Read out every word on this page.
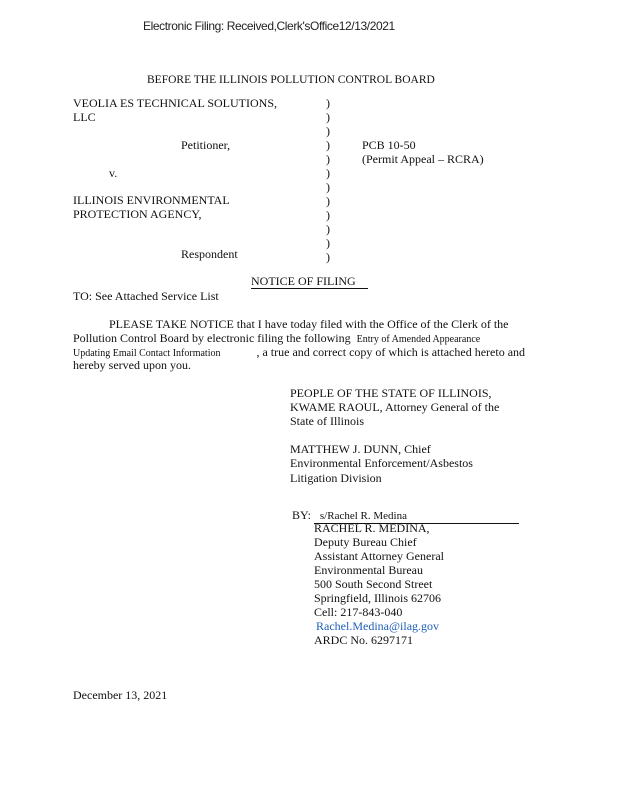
Electronic Filing: Received,Clerk'sOffice12/13/2021
BEFORE THE ILLINOIS POLLUTION CONTROL BOARD
VEOLIA ES TECHNICAL SOLUTIONS,
LLC
Petitioner,
v.
ILLINOIS ENVIRONMENTAL
PROTECTION AGENCY,
Respondent
)
)
)
)
)
)
)
)
)
)
)
)
PCB 10-50
(Permit Appeal – RCRA)
NOTICE OF FILING
TO: See Attached Service List
PLEASE TAKE NOTICE that I have today filed with the Office of the Clerk of the
Pollution Control Board by electronic filing the following Entry of Amended Appearance
Updating Email Contact Information	, a true and correct copy of which is attached hereto and
hereby served upon you.
PEOPLE OF THE STATE OF ILLINOIS,
KWAME RAOUL, Attorney General of the
State of Illinois
MATTHEW J. DUNN, Chief
Environmental Enforcement/Asbestos
Litigation Division
BY: s/Rachel R. Medina
RACHEL R. MEDINA,
Deputy Bureau Chief
Assistant Attorney General
Environmental Bureau
500 South Second Street
Springfield, Illinois 62706
Cell: 217-843-040
Rachel.Medina@ilag.gov
ARDC No. 6297171
December 13, 2021
